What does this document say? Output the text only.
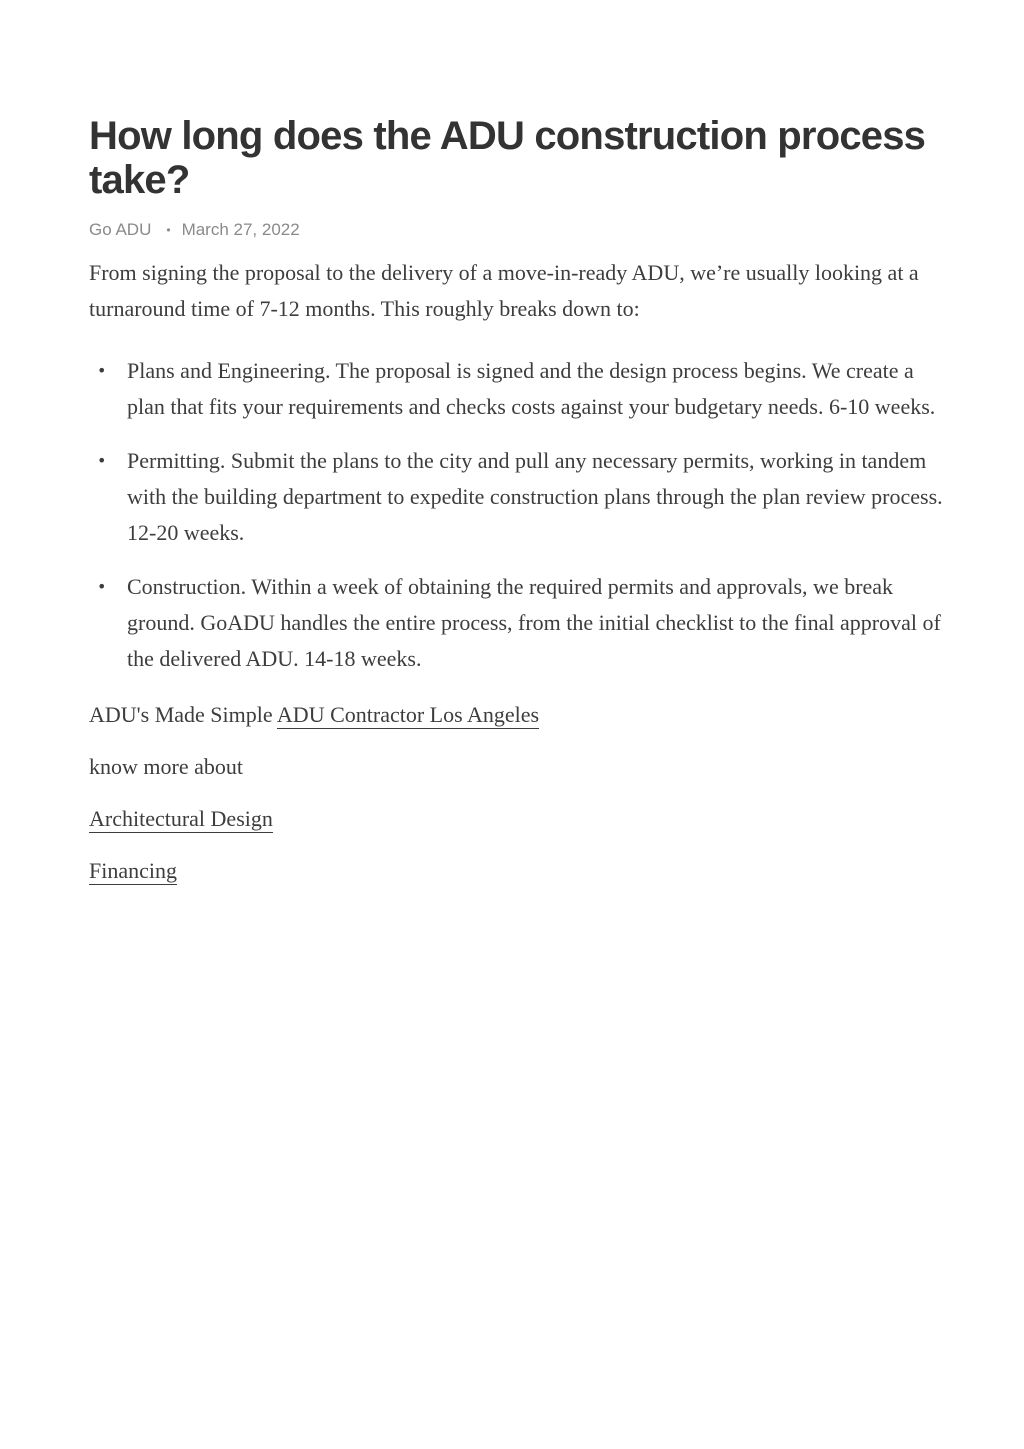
How long does the ADU construction process take?
Go ADU • March 27, 2022

From signing the proposal to the delivery of a move-in-ready ADU, we’re usually looking at a turnaround time of 7-12 months. This roughly breaks down to:

• Plans and Engineering. The proposal is signed and the design process begins. We create a plan that fits your requirements and checks costs against your budgetary needs. 6-10 weeks.
• Permitting. Submit the plans to the city and pull any necessary permits, working in tandem with the building department to expedite construction plans through the plan review process. 12-20 weeks.
• Construction. Within a week of obtaining the required permits and approvals, we break ground. GoADU handles the entire process, from the initial checklist to the final approval of the delivered ADU. 14-18 weeks.

ADU's Made Simple ADU Contractor Los Angeles

know more about

Architectural Design

Financing
